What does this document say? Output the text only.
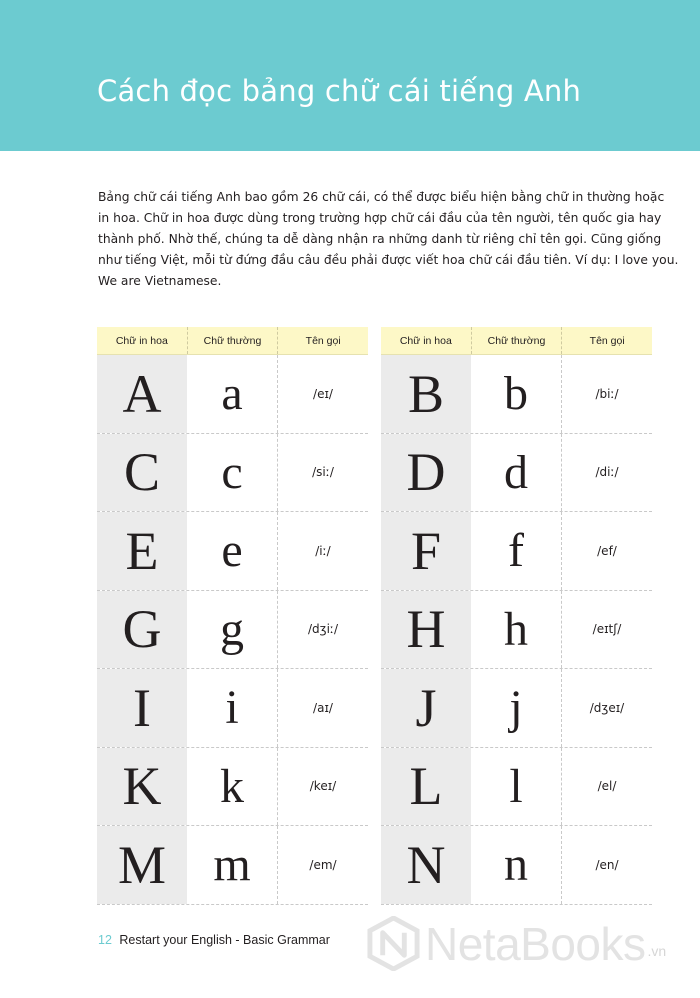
Cách đọc bảng chữ cái tiếng Anh

Bảng chữ cái tiếng Anh bao gồm 26 chữ cái, có thể được biểu hiện bằng chữ in thường hoặc

in hoa. Chữ in hoa được dùng trong trường hợp chữ cái đầu của tên người, tên quốc gia hay

thành phố. Nhờ thế, chúng ta dễ dàng nhận ra những danh từ riêng chỉ tên gọi. Cũng giống

như tiếng Việt, mỗi từ đứng đầu câu đều phải được viết hoa chữ cái đầu tiên. Ví dụ: I love you.

We are Vietnamese.

Chữ in hoa	Chữ thường	Tên gọi
A	a	/eɪ/
C	c	/siː/
E	e	/iː/
G	g	/dʒiː/
I	i	/aɪ/
K	k	/keɪ/
M m	/em/
Chữ in hoa	Chữ thường	Tên gọi
B	b	/biː/
D	d	/diː/
F	f	/ef/
H	h	/eɪtʃ/
J	j	/dʒeɪ/
L	l	/el/
N	n	/en/
12 Restart your English - Basic Grammar NetaBooks .vn
